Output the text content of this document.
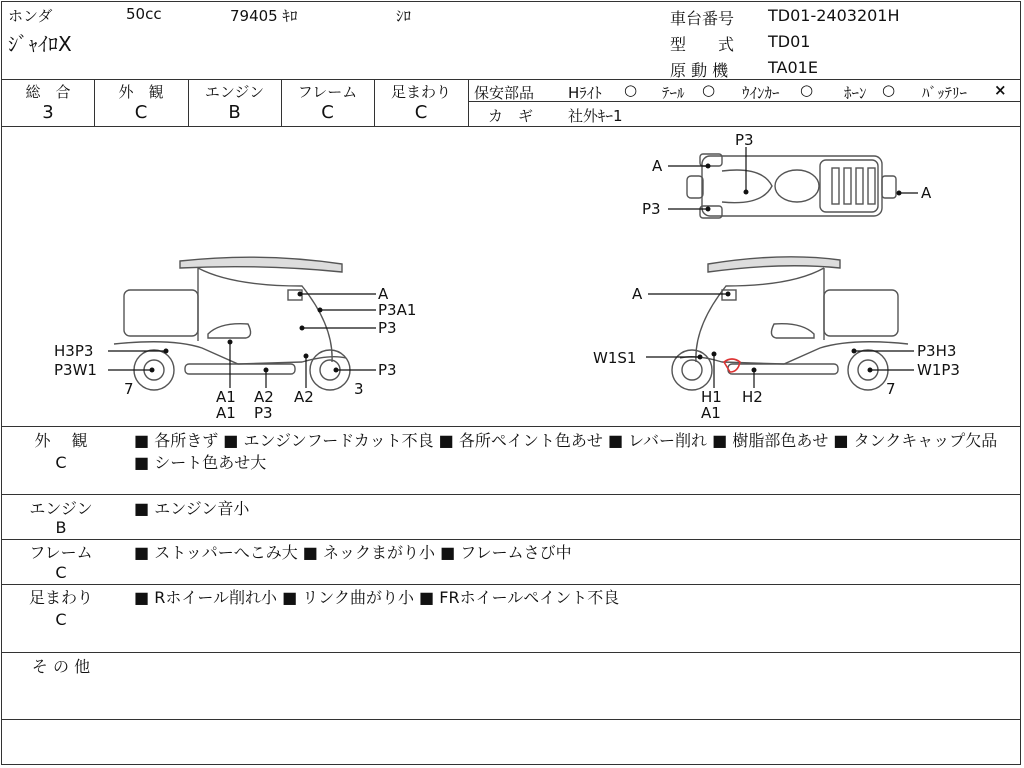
ホンダ	50cc	79405 ｷﾛ	ｼﾛ
ｼﾞｬｲﾛX
車台番号 TD01-2403201H
型　　式 TD01
原 動 機 TA01E
総　合
3
外　観
C
エンジン
B
フレーム
C
足まわり
C
保安部品 Hﾗｲﾄ ○ ﾃｰﾙ ○ ｳｲﾝｶｰ ○ ﾎｰﾝ ○ ﾊﾞｯﾃﾘｰ ×
カ　ギ 社外ｷｰ1
P3
A
P3
A
A
P3A1
P3
H3P3
P3W1	P3
7	3
A1
A1
A2
P3
A2
A
W1S1	P3H3
W1P3
7
H1
A1
H2
外　 観
C
■ 各所きず ■ エンジンフードカット不良 ■ 各所ペイント色あせ ■ レバー削れ ■ 樹脂部色あせ ■ タンクキャップ欠品 ■ シート色あせ大
エンジン
B
■ エンジン音小
フレーム
C
■ ストッパーへこみ大 ■ ネックまがり小 ■ フレームさび中
足まわり
C
■ Rホイール削れ小 ■ リンク曲がり小 ■ FRホイールペイント不良
そ の 他
